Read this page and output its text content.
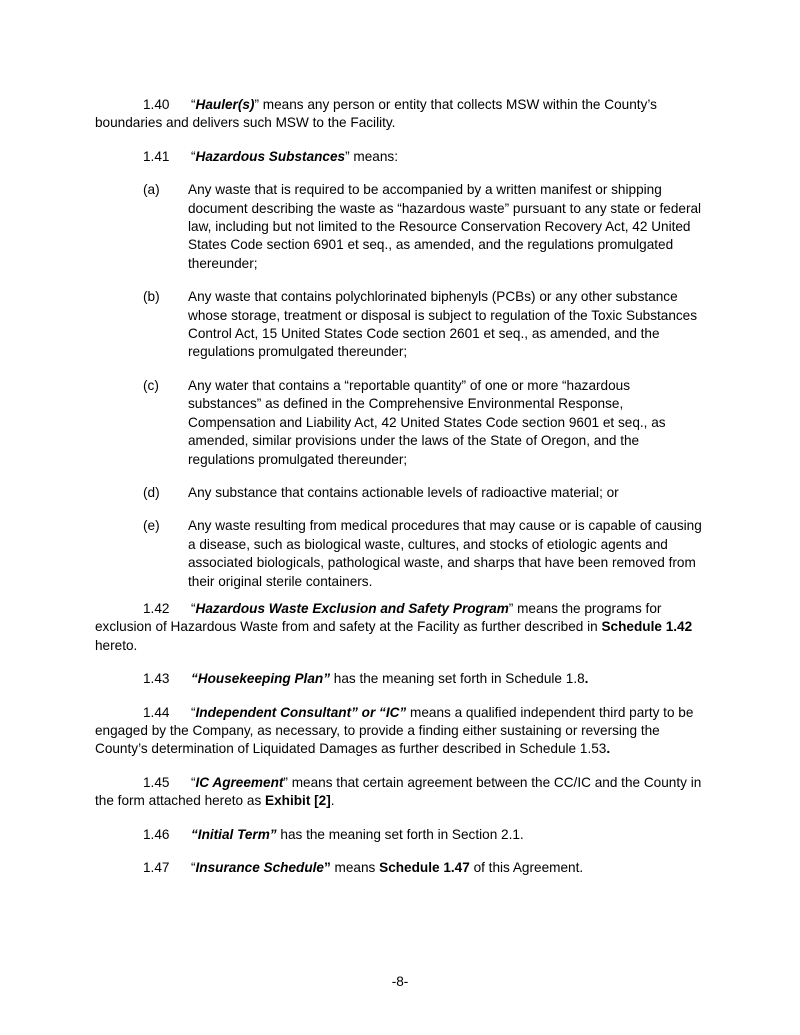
1.40 “Hauler(s)” means any person or entity that collects MSW within the County’s boundaries and delivers such MSW to the Facility.

1.41 “Hazardous Substances” means:

(a)	Any waste that is required to be accompanied by a written manifest or shipping document describing the waste as “hazardous waste” pursuant to any state or federal law, including but not limited to the Resource Conservation Recovery Act, 42 United States Code section 6901 et seq., as amended, and the regulations promulgated thereunder;
(b)	Any waste that contains polychlorinated biphenyls (PCBs) or any other substance whose storage, treatment or disposal is subject to regulation of the Toxic Substances Control Act, 15 United States Code section 2601 et seq., as amended, and the regulations promulgated thereunder;
(c)	Any water that contains a “reportable quantity” of one or more “hazardous substances” as defined in the Comprehensive Environmental Response, Compensation and Liability Act, 42 United States Code section 9601 et seq., as amended, similar provisions under the laws of the State of Oregon, and the regulations promulgated thereunder;
(d)	Any substance that contains actionable levels of radioactive material; or
(e)	Any waste resulting from medical procedures that may cause or is capable of causing a disease, such as biological waste, cultures, and stocks of etiologic agents and associated biologicals, pathological waste, and sharps that have been removed from their original sterile containers.

1.42 “Hazardous Waste Exclusion and Safety Program” means the programs for exclusion of Hazardous Waste from and safety at the Facility as further described in Schedule 1.42 hereto.

1.43 “Housekeeping Plan” has the meaning set forth in Schedule 1.8.

1.44 “Independent Consultant” or “IC” means a qualified independent third party to be engaged by the Company, as necessary, to provide a finding either sustaining or reversing the County’s determination of Liquidated Damages as further described in Schedule 1.53.

1.45 “IC Agreement” means that certain agreement between the CC/IC and the County in the form attached hereto as Exhibit [2].

1.46 “Initial Term” has the meaning set forth in Section 2.1.

1.47 “Insurance Schedule” means Schedule 1.47 of this Agreement.

-8-
